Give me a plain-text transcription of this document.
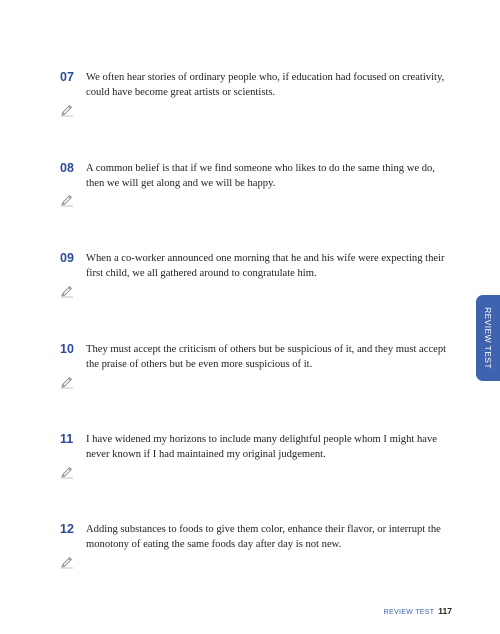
07 We often hear stories of ordinary people who, if education had focused on creativity, could have become great artists or scientists.
08 A common belief is that if we find someone who likes to do the same thing we do, then we will get along and we will be happy.
09 When a co-worker announced one morning that he and his wife were expecting their first child, we all gathered around to congratulate him.
10 They must accept the criticism of others but be suspicious of it, and they must accept the praise of others but be even more suspicious of it.
11 I have widened my horizons to include many delightful people whom I might have never known if I had maintained my original judgement.
12 Adding substances to foods to give them color, enhance their flavor, or interrupt the monotony of eating the same foods day after day is not new.
REVIEW TEST
REVIEW TEST 117
